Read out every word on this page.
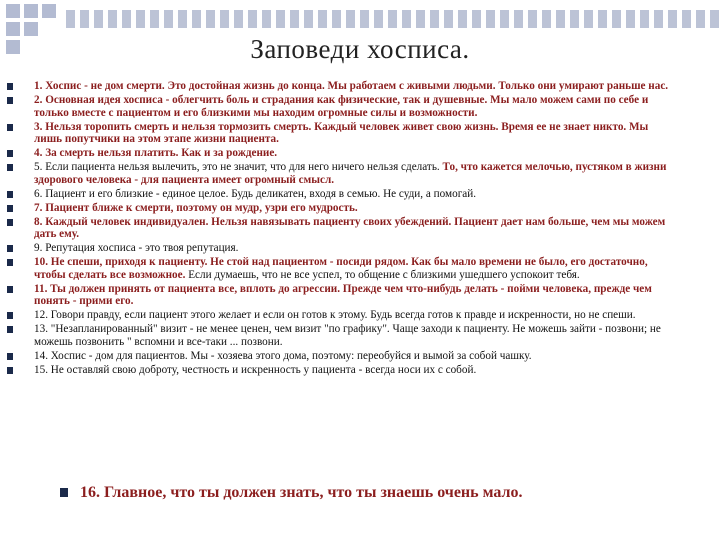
Заповеди хосписа.
1. Хоспис - не дом смерти. Это достойная жизнь до конца. Мы работаем с живыми людьми. Только они умирают раньше нас.
2. Основная идея хосписа - облегчить боль и страдания как физические, так и душевные. Мы мало можем сами по себе и только вместе с пациентом и его близкими мы находим огромные силы и возможности.
3. Нельзя торопить смерть и нельзя тормозить смерть. Каждый человек живет свою жизнь. Время ее не знает никто. Мы лишь попутчики на этом этапе жизни пациента.
4. За смерть нельзя платить. Как и за рождение.
5. Если пациента нельзя вылечить, это не значит, что для него ничего нельзя сделать. То, что кажется мелочью, пустяком в жизни здорового человека - для пациента имеет огромный смысл.
6. Пациент и его близкие - единое целое. Будь деликатен, входя в семью. Не суди, а помогай.
7. Пациент ближе к смерти, поэтому он мудр, узри его мудрость.
8. Каждый человек индивидуален. Нельзя навязывать пациенту своих убеждений. Пациент дает нам больше, чем мы можем дать ему.
9. Репутация хосписа - это твоя репутация.
10. Не спеши, приходя к пациенту. Не стой над пациентом - посиди рядом. Как бы мало времени не было, его достаточно, чтобы сделать все возможное. Если думаешь, что не все успел, то общение с близкими ушедшего успокоит тебя.
11. Ты должен принять от пациента все, вплоть до агрессии. Прежде чем что-нибудь делать - пойми человека, прежде чем понять - прими его.
12. Говори правду, если пациент этого желает и если он готов к этому. Будь всегда готов к правде и искренности, но не спеши.
13. "Незапланированный" визит - не менее ценен, чем визит "по графику". Чаще заходи к пациенту. Не можешь зайти - позвони; не можешь позвонить " вспомни и все-таки ... позвони.
14. Хоспис - дом для пациентов. Мы - хозяева этого дома, поэтому: переобуйся и вымой за собой чашку.
15. Не оставляй свою доброту, честность и искренность у пациента - всегда носи их с собой.
16. Главное, что ты должен знать, что ты знаешь очень мало.
